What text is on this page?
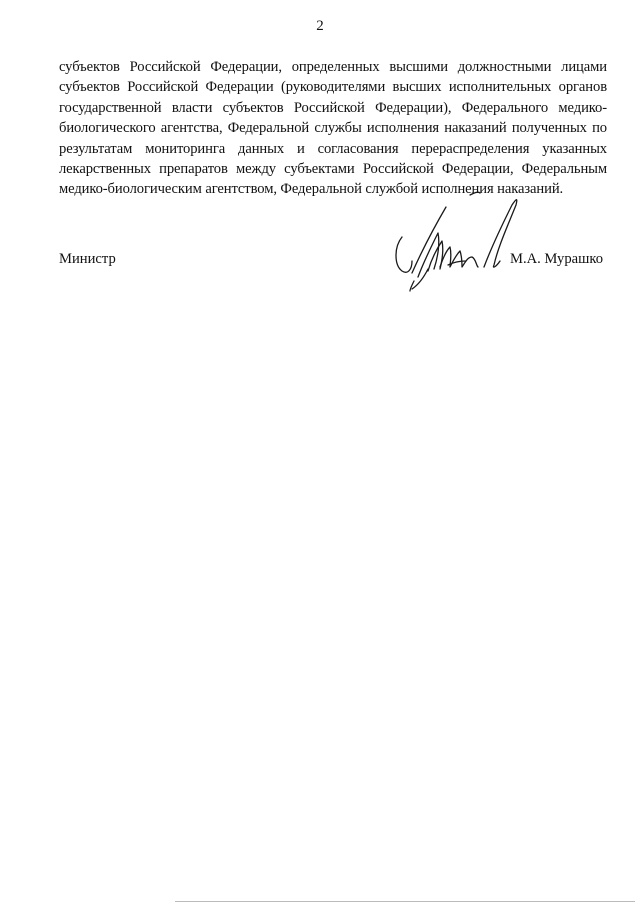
2

субъектов Российской Федерации, определенных высшими должностными лицами субъектов Российской Федерации (руководителями высших исполнительных органов государственной власти субъектов Российской Федерации), Федерального медико-биологического агентства, Федеральной службы исполнения наказаний полученных по результатам мониторинга данных и согласования перераспределения указанных лекарственных препаратов между субъектами Российской Федерации, Федеральным медико-биологическим агентством, Федеральной службой исполнения наказаний.

Министр	М.А. Мурашко
